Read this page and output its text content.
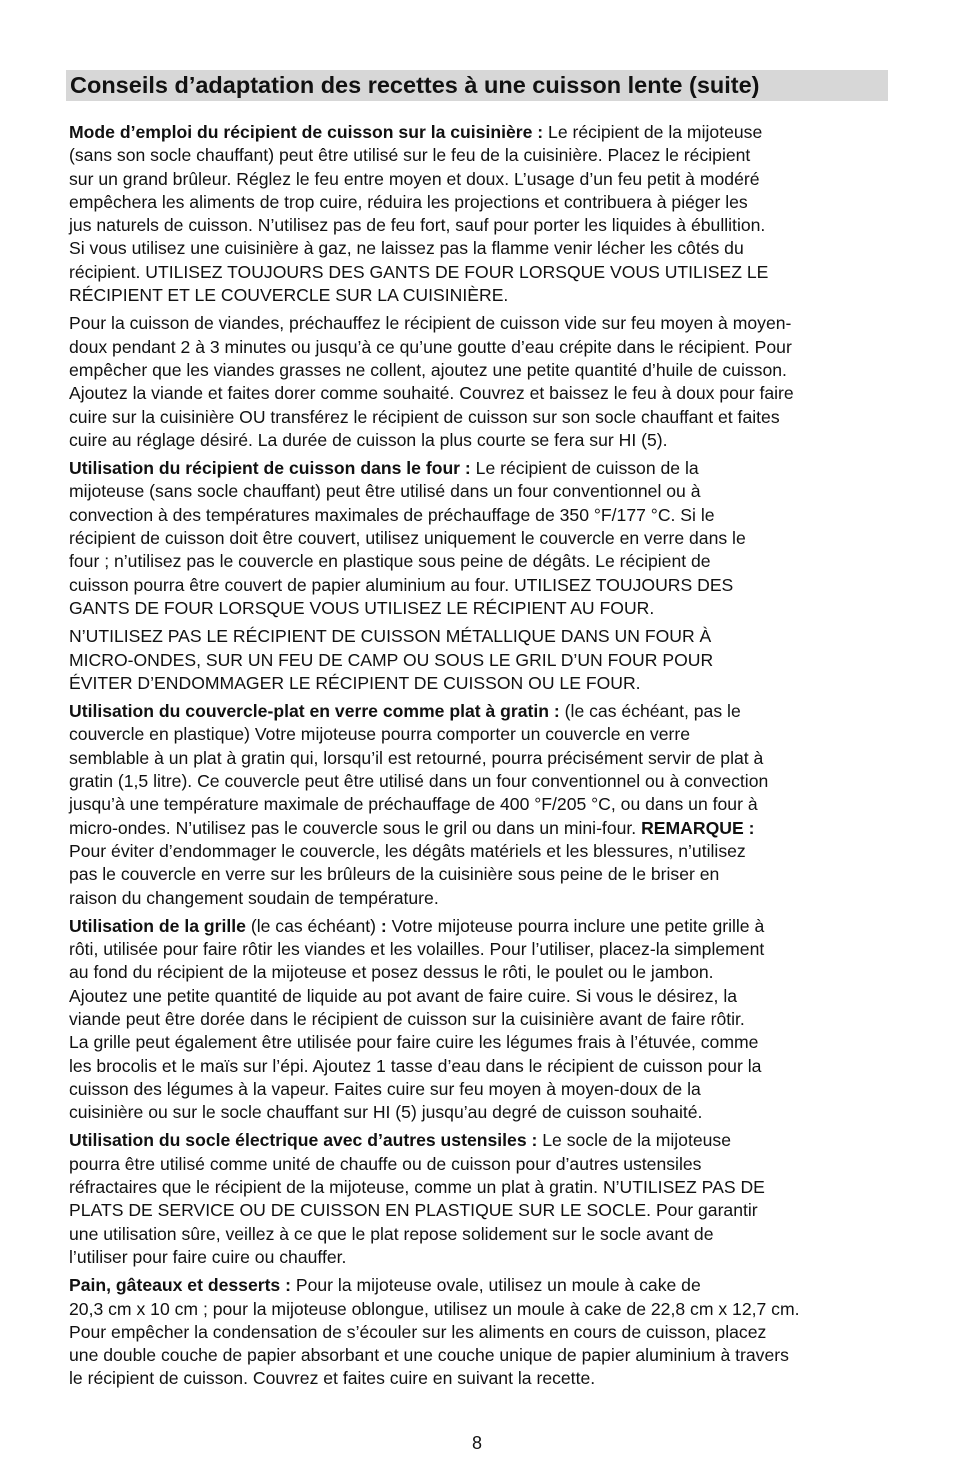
Conseils d’adaptation des recettes à une cuisson lente (suite)

Mode d’emploi du récipient de cuisson sur la cuisinière : Le récipient de la mijoteuse
(sans son socle chauffant) peut être utilisé sur le feu de la cuisinière. Placez le récipient
sur un grand brûleur. Réglez le feu entre moyen et doux. L’usage d’un feu petit à modéré
empêchera les aliments de trop cuire, réduira les projections et contribuera à piéger les
jus naturels de cuisson. N’utilisez pas de feu fort, sauf pour porter les liquides à ébullition.
Si vous utilisez une cuisinière à gaz, ne laissez pas la flamme venir lécher les côtés du
récipient. UTILISEZ TOUJOURS DES GANTS DE FOUR LORSQUE VOUS UTILISEZ LE
RÉCIPIENT ET LE COUVERCLE SUR LA CUISINIÈRE.

Pour la cuisson de viandes, préchauffez le récipient de cuisson vide sur feu moyen à moyen-
doux pendant 2 à 3 minutes ou jusqu’à ce qu’une goutte d’eau crépite dans le récipient. Pour
empêcher que les viandes grasses ne collent, ajoutez une petite quantité d’huile de cuisson.
Ajoutez la viande et faites dorer comme souhaité. Couvrez et baissez le feu à doux pour faire
cuire sur la cuisinière OU transférez le récipient de cuisson sur son socle chauffant et faites
cuire au réglage désiré. La durée de cuisson la plus courte se fera sur HI (5).

Utilisation du récipient de cuisson dans le four : Le récipient de cuisson de la
mijoteuse (sans socle chauffant) peut être utilisé dans un four conventionnel ou à
convection à des températures maximales de préchauffage de 350 °F/177 °C. Si le
récipient de cuisson doit être couvert, utilisez uniquement le couvercle en verre dans le
four ; n’utilisez pas le couvercle en plastique sous peine de dégâts. Le récipient de
cuisson pourra être couvert de papier aluminium au four. UTILISEZ TOUJOURS DES
GANTS DE FOUR LORSQUE VOUS UTILISEZ LE RÉCIPIENT AU FOUR.

N’UTILISEZ PAS LE RÉCIPIENT DE CUISSON MÉTALLIQUE DANS UN FOUR À
MICRO-ONDES, SUR UN FEU DE CAMP OU SOUS LE GRIL D’UN FOUR POUR
ÉVITER D’ENDOMMAGER LE RÉCIPIENT DE CUISSON OU LE FOUR.

Utilisation du couvercle-plat en verre comme plat à gratin : (le cas échéant, pas le
couvercle en plastique) Votre mijoteuse pourra comporter un couvercle en verre
semblable à un plat à gratin qui, lorsqu’il est retourné, pourra précisément servir de plat à
gratin (1,5 litre). Ce couvercle peut être utilisé dans un four conventionnel ou à convection
jusqu’à une température maximale de préchauffage de 400 °F/205 °C, ou dans un four à
micro-ondes. N’utilisez pas le couvercle sous le gril ou dans un mini-four. REMARQUE :
Pour éviter d’endommager le couvercle, les dégâts matériels et les blessures, n’utilisez
pas le couvercle en verre sur les brûleurs de la cuisinière sous peine de le briser en
raison du changement soudain de température.

Utilisation de la grille (le cas échéant) : Votre mijoteuse pourra inclure une petite grille à
rôti, utilisée pour faire rôtir les viandes et les volailles. Pour l’utiliser, placez-la simplement
au fond du récipient de la mijoteuse et posez dessus le rôti, le poulet ou le jambon.
Ajoutez une petite quantité de liquide au pot avant de faire cuire. Si vous le désirez, la
viande peut être dorée dans le récipient de cuisson sur la cuisinière avant de faire rôtir.
La grille peut également être utilisée pour faire cuire les légumes frais à l’étuvée, comme
les brocolis et le maïs sur l’épi. Ajoutez 1 tasse d’eau dans le récipient de cuisson pour la
cuisson des légumes à la vapeur. Faites cuire sur feu moyen à moyen-doux de la
cuisinière ou sur le socle chauffant sur HI (5) jusqu’au degré de cuisson souhaité.

Utilisation du socle électrique avec d’autres ustensiles : Le socle de la mijoteuse
pourra être utilisé comme unité de chauffe ou de cuisson pour d’autres ustensiles
réfractaires que le récipient de la mijoteuse, comme un plat à gratin. N’UTILISEZ PAS DE
PLATS DE SERVICE OU DE CUISSON EN PLASTIQUE SUR LE SOCLE. Pour garantir
une utilisation sûre, veillez à ce que le plat repose solidement sur le socle avant de
l’utiliser pour faire cuire ou chauffer.

Pain, gâteaux et desserts : Pour la mijoteuse ovale, utilisez un moule à cake de
20,3 cm x 10 cm ; pour la mijoteuse oblongue, utilisez un moule à cake de 22,8 cm x 12,7 cm.
Pour empêcher la condensation de s’écouler sur les aliments en cours de cuisson, placez
une double couche de papier absorbant et une couche unique de papier aluminium à travers
le récipient de cuisson. Couvrez et faites cuire en suivant la recette.

8
